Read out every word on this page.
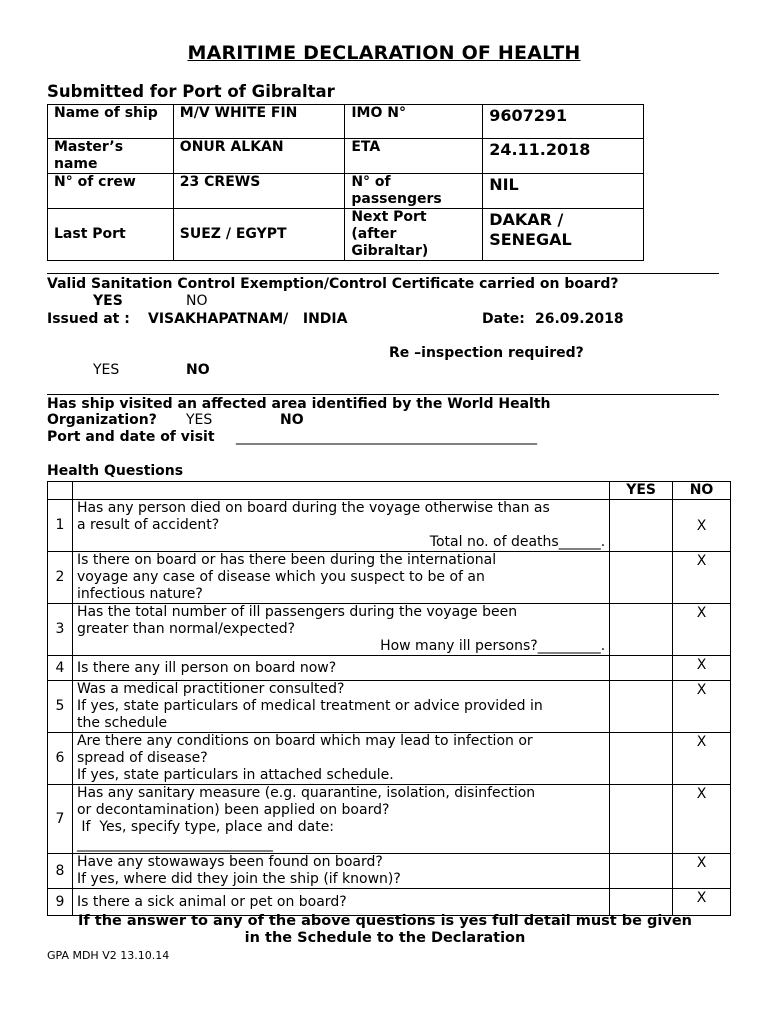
MARITIME DECLARATION OF HEALTH
Submitted for Port of Gibraltar
Name of ship	M/V WHITE FIN	IMO N°	9607291
Master’s name	ONUR ALKAN	ETA	24.11.2018
N° of crew	23 CREWS	N° of passengers	NIL
Last Port	SUEZ / EGYPT	Next Port (after Gibraltar)	DAKAR / SENEGAL
Valid Sanitation Control Exemption/Control Certificate carried on board?
YES	NO
Issued at : VISAKHAPATNAM/   INDIA	Date: 26.09.2018
Re –inspection required?
YES	NO
Has ship visited an affected area identified by the World Health
Organization? YES	NO
Port and date of visit ___________________________________________
Health Questions
		YES	NO
1	Has any person died on board during the voyage otherwise than as
a result of accident?
Total no. of deaths______.		X
2	Is there on board or has there been during the international
voyage any case of disease which you suspect to be of an
infectious nature?		X
3	Has the total number of ill passengers during the voyage been
greater than normal/expected?
How many ill persons?_________.		X
4	Is there any ill person on board now?		X
5	Was a medical practitioner consulted?
If yes, state particulars of medical treatment or advice provided in
the schedule		X
6	Are there any conditions on board which may lead to infection or
spread of disease?
If yes, state particulars in attached schedule.		X
7	Has any sanitary measure (e.g. quarantine, isolation, disinfection
or decontamination) been applied on board?
If  Yes, specify type, place and date:
____________________________		X
8	Have any stowaways been found on board?
If yes, where did they join the ship (if known)?		X
9	Is there a sick animal or pet on board?		X
If the answer to any of the above questions is yes full detail must be given
in the Schedule to the Declaration
GPA MDH V2 13.10.14
